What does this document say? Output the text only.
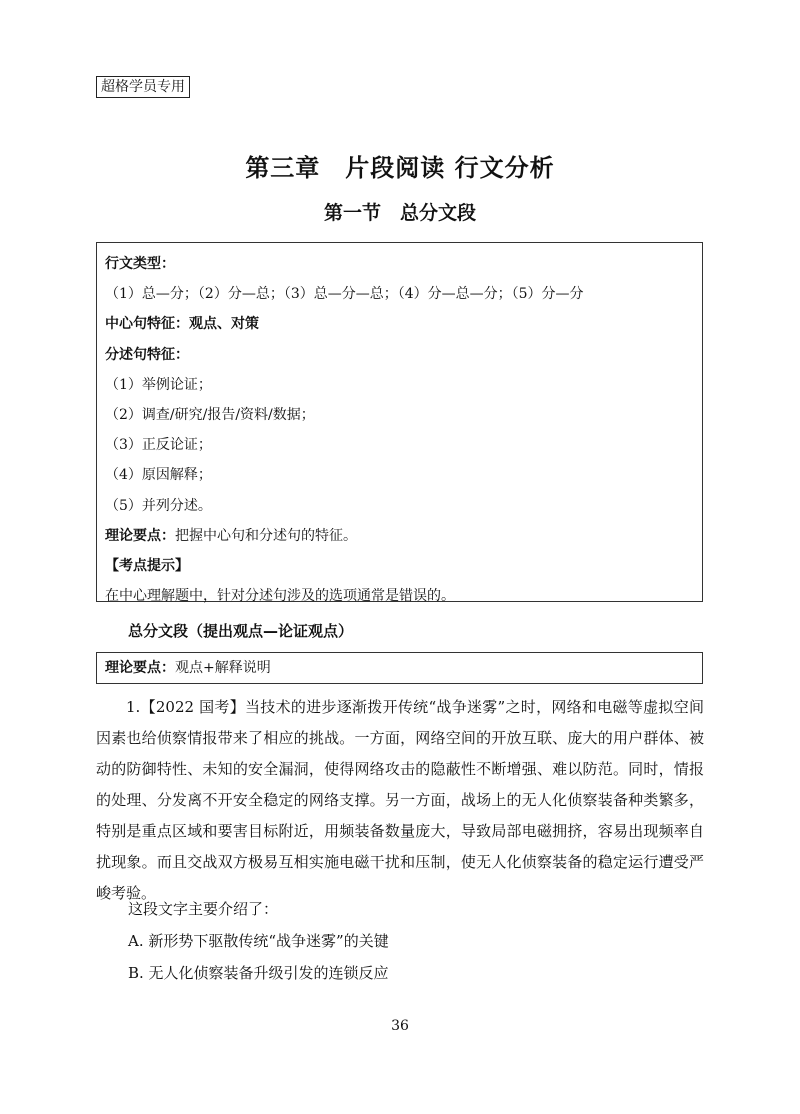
超格学员专用
第三章　片段阅读 行文分析
第一节　总分文段
行文类型：
（1）总—分；（2）分—总；（3）总—分—总；（4）分—总—分；（5）分—分
中心句特征：观点、对策
分述句特征：
（1）举例论证；
（2）调查/研究/报告/资料/数据；
（3）正反论证；
（4）原因解释；
（5）并列分述。
理论要点：把握中心句和分述句的特征。
【考点提示】
在中心理解题中，针对分述句涉及的选项通常是错误的。
总分文段（提出观点—论证观点）
理论要点：观点+解释说明
1.【2022 国考】当技术的进步逐渐拨开传统“战争迷雾”之时，网络和电磁等虚拟空间因素也给侦察情报带来了相应的挑战。一方面，网络空间的开放互联、庞大的用户群体、被动的防御特性、未知的安全漏洞，使得网络攻击的隐蔽性不断增强、难以防范。同时，情报的处理、分发离不开安全稳定的网络支撑。另一方面，战场上的无人化侦察装备种类繁多，特别是重点区域和要害目标附近，用频装备数量庞大，导致局部电磁拥挤，容易出现频率自扰现象。而且交战双方极易互相实施电磁干扰和压制，使无人化侦察装备的稳定运行遭受严峻考验。
这段文字主要介绍了：
A. 新形势下驱散传统“战争迷雾”的关键
B. 无人化侦察装备升级引发的连锁反应
36
